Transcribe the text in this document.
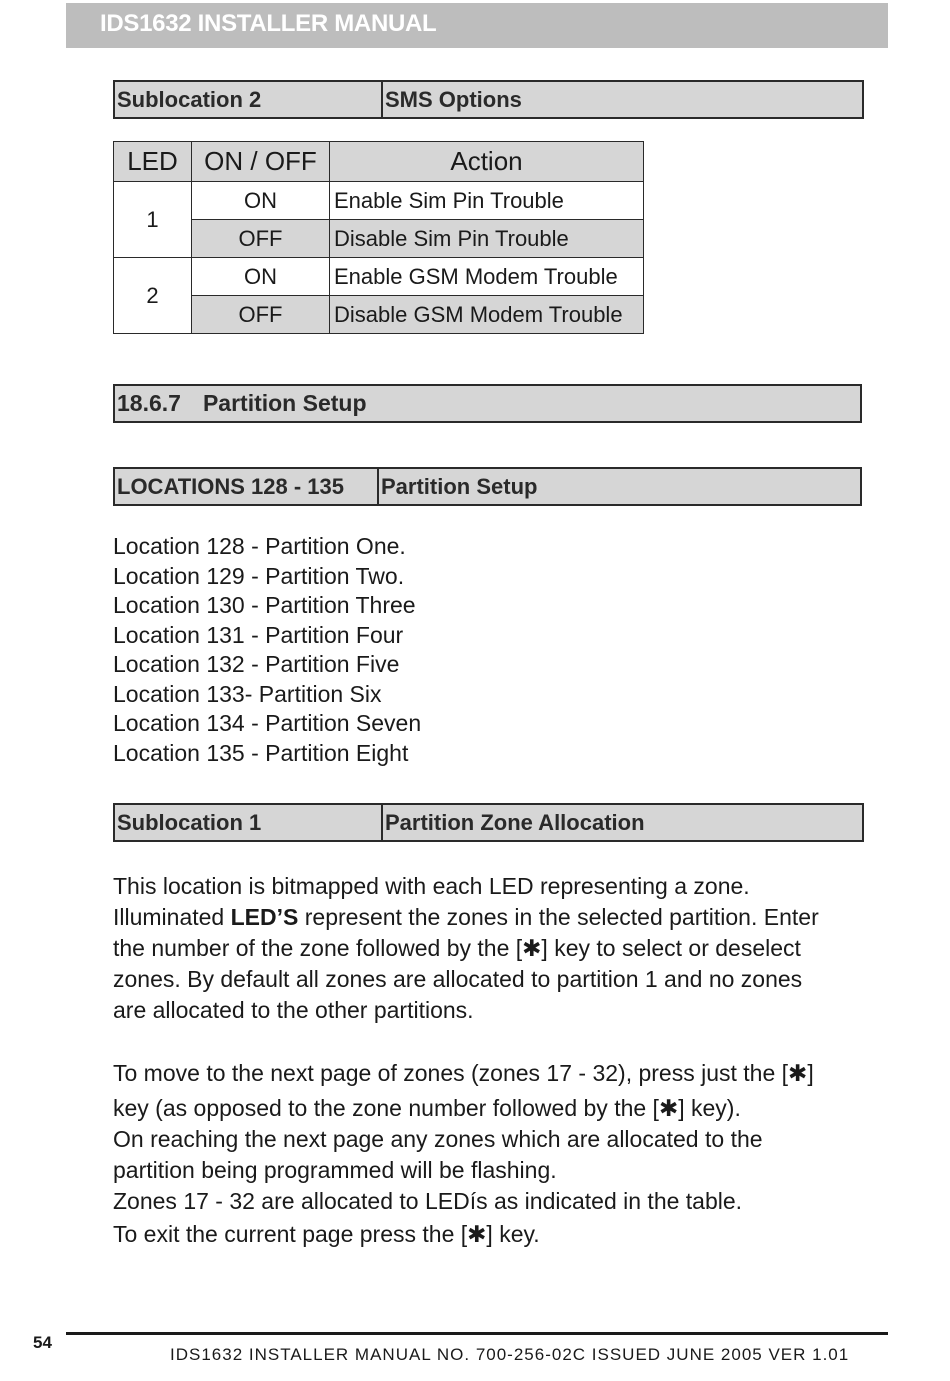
IDS1632 INSTALLER MANUAL
Sublocation 2	SMS Options
LED	ON / OFF	Action
1	ON	Enable Sim Pin Trouble
	OFF	Disable Sim Pin Trouble
2	ON	Enable GSM Modem Trouble
	OFF	Disable GSM Modem Trouble
18.6.7 Partition Setup
LOCATIONS 128 - 135	Partition Setup
Location 128 - Partition One.
Location 129 - Partition Two.
Location 130 - Partition Three
Location 131 - Partition Four
Location 132 - Partition Five
Location 133- Partition Six
Location 134 - Partition Seven
Location 135 - Partition Eight
Sublocation 1	Partition Zone Allocation
This location is bitmapped with each LED representing a zone.
Illuminated LED’S represent the zones in the selected partition. Enter
the number of the zone followed by the [✱] key to select or deselect
zones. By default all zones are allocated to partition 1 and no zones
are allocated to the other partitions.
To move to the next page of zones (zones 17 - 32), press just the [✱]
key (as opposed to the zone number followed by the [✱] key).
On reaching the next page any zones which are allocated to the
partition being programmed will be flashing.
Zones 17 - 32 are allocated to LEDís as indicated in the table.
To exit the current page press the [✱] key.
54
IDS1632 INSTALLER MANUAL NO. 700-256-02C ISSUED JUNE 2005 VER 1.01
